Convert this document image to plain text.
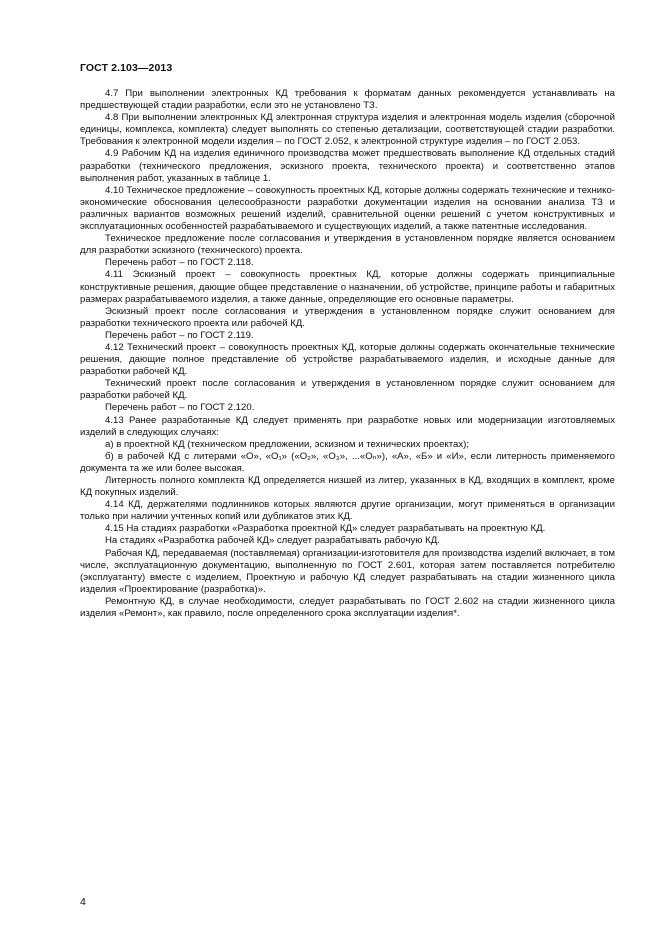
ГОСТ 2.103—2013

4.7 При выполнении электронных КД требования к форматам данных рекомендуется устанавливать на предшествующей стадии разработки, если это не установлено ТЗ.

4.8 При выполнении электронных КД электронная структура изделия и электронная модель изделия (сборочной единицы, комплекса, комплекта) следует выполнять со степенью детализации, соответствующей стадии разработки. Требования к электронной модели изделия – по ГОСТ 2.052, к электронной структуре изделия – по ГОСТ 2.053.

4.9 Рабочим КД на изделия единичного производства может предшествовать выполнение КД отдельных стадий разработки (технического предложения, эскизного проекта, технического проекта) и соответственно этапов выполнения работ, указанных в таблице 1.

4.10 Техническое предложение – совокупность проектных КД, которые должны содержать технические и технико-экономические обоснования целесообразности разработки документации изделия на основании анализа ТЗ и различных вариантов возможных решений изделий, сравнительной оценки решений с учетом конструктивных и эксплуатационных особенностей разрабатываемого и существующих изделий, а также патентные исследования.

Техническое предложение после согласования и утверждения в установленном порядке является основанием для разработки эскизного (технического) проекта.

Перечень работ – по ГОСТ 2.118.

4.11 Эскизный проект – совокупность проектных КД, которые должны содержать принципиальные конструктивные решения, дающие общее представление о назначении, об устройстве, принципе работы и габаритных размерах разрабатываемого изделия, а также данные, определяющие его основные параметры.

Эскизный проект после согласования и утверждения в установленном порядке служит основанием для разработки технического проекта или рабочей КД.

Перечень работ – по ГОСТ 2.119.

4.12 Технический проект – совокупность проектных КД, которые должны содержать окончательные технические решения, дающие полное представление об устройстве разрабатываемого изделия, и исходные данные для разработки рабочей КД.

Технический проект после согласования и утверждения в установленном порядке служит основанием для разработки рабочей КД.

Перечень работ – по ГОСТ 2.120.

4.13 Ранее разработанные КД следует применять при разработке новых или модернизации изготовляемых изделий в следующих случаях:

а) в проектной КД (техническом предложении, эскизном и технических проектах);

б) в рабочей КД с литерами «О», «О₁» («О₂», «О₃», ...«Оₙ»), «А», «Б» и «И», если литерность применяемого документа та же или более высокая.

Литерность полного комплекта КД определяется низшей из литер, указанных в КД, входящих в комплект, кроме КД покупных изделий.

4.14 КД, держателями подлинников которых являются другие организации, могут применяться в организации только при наличии учтенных копий или дубликатов этих КД.

4.15 На стадиях разработки «Разработка проектной КД» следует разрабатывать на проектную КД.

На стадиях «Разработка рабочей КД» следует разрабатывать рабочую КД.

Рабочая КД, передаваемая (поставляемая) организации-изготовителя для производства изделий включает, в том числе, эксплуатационную документацию, выполненную по ГОСТ 2.601, которая затем поставляется потребителю (эксплуатанту) вместе с изделием, Проектную и рабочую КД следует разрабатывать на стадии жизненного цикла изделия «Проектирование (разработка)».

Ремонтную КД, в случае необходимости, следует разрабатывать по ГОСТ 2.602 на стадии жизненного цикла изделия «Ремонт», как правило, после определенного срока эксплуатации изделия*.

4
